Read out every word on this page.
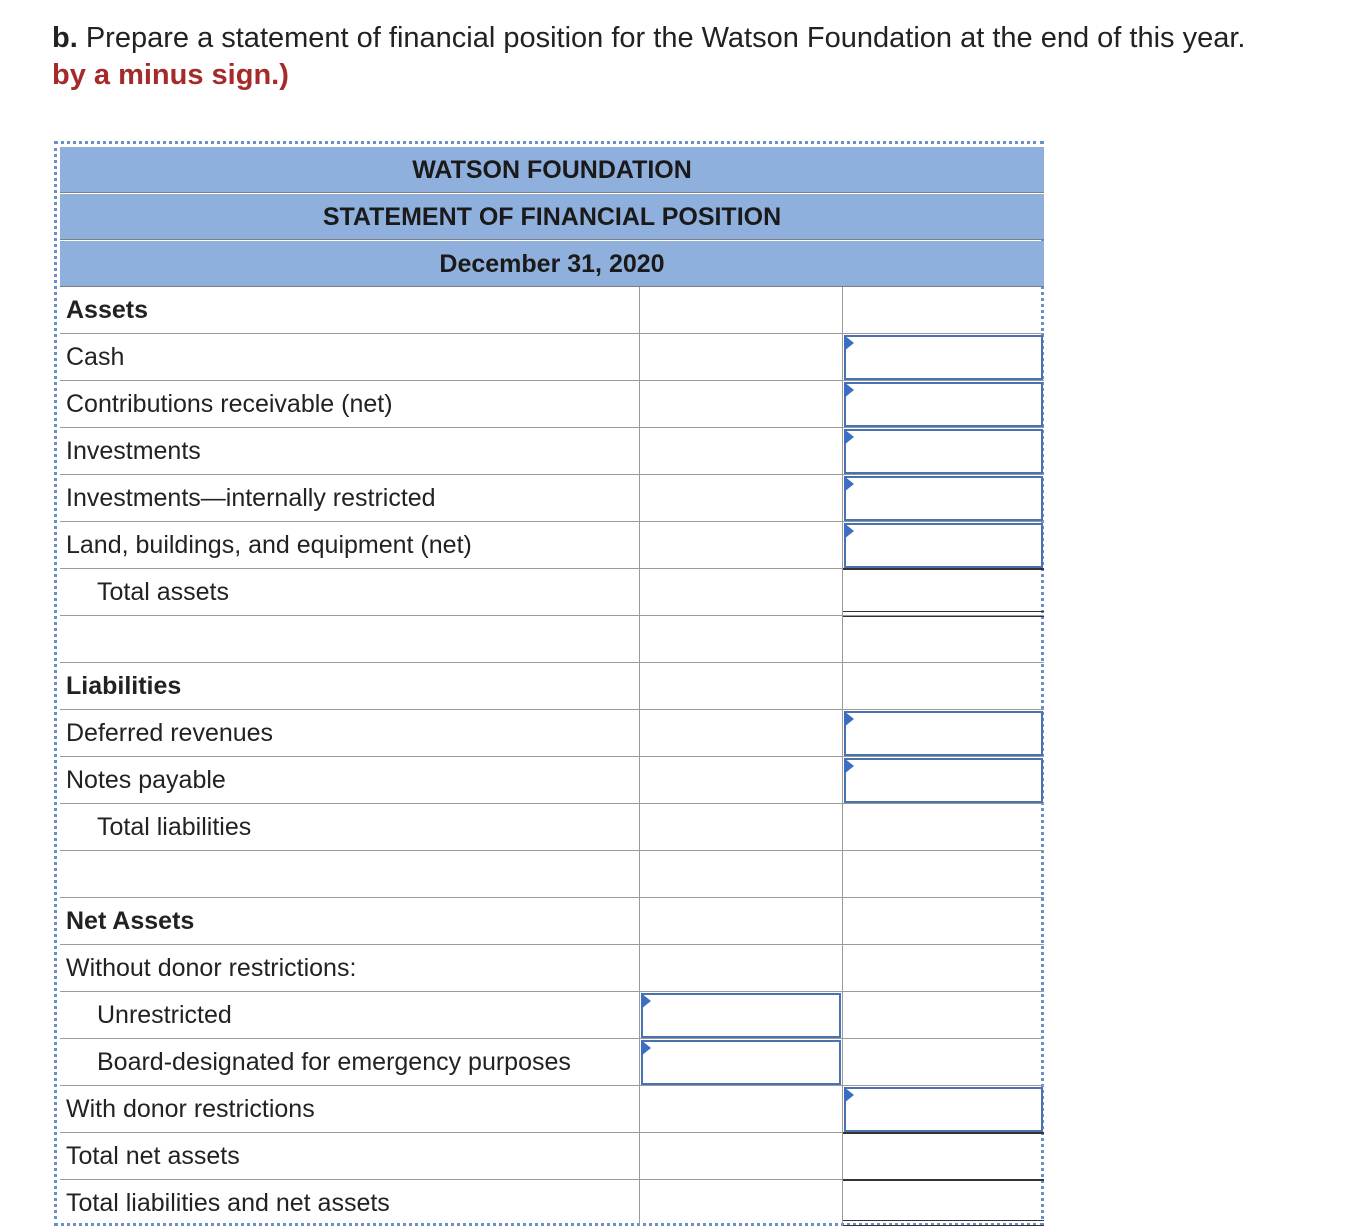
b. Prepare a statement of financial position for the Watson Foundation at the end of this year.
by a minus sign.)
WATSON FOUNDATION
STATEMENT OF FINANCIAL POSITION
December 31, 2020
Assets
Cash
Contributions receivable (net)
Investments
Investments—internally restricted
Land, buildings, and equipment (net)
Total assets
Liabilities
Deferred revenues
Notes payable
Total liabilities
Net Assets
Without donor restrictions:
Unrestricted
Board-designated for emergency purposes
With donor restrictions
Total net assets
Total liabilities and net assets
